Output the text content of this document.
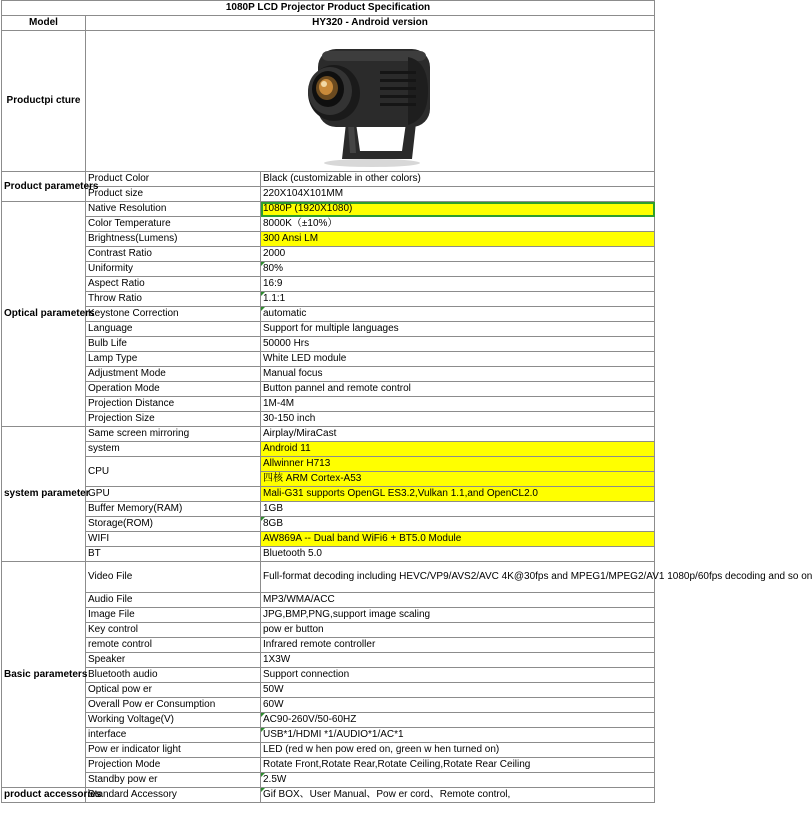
1080P LCD Projector Product Specification		
Model	HY320 - Android version	
Productpi cture	

Product parameters	Product Color	Black (customizable in other colors)
	Product size	220X104X101MM
Optical parameters	Native Resolution	1080P (1920X1080)
	Color Temperature	8000K（±10%）
	Brightness(Lumens)	300 Ansi LM
	Contrast Ratio	2000
	Uniformity	80%
	Aspect Ratio	16:9
	Throw Ratio	1.1:1
	Keystone Correction	automatic
	Language	Support for multiple languages
	Bulb Life	50000 Hrs
	Lamp Type	White LED module
	Adjustment Mode	Manual focus
	Operation Mode	Button pannel and remote control
	Projection Distance	1M-4M
	Projection Size	30-150 inch
system parameter	Same screen mirroring	Airplay/MiraCast
	system	Android 11
	CPU	Allwinner H713
		四核 ARM Cortex-A53
	GPU	Mali-G31 supports OpenGL ES3.2,Vulkan 1.1,and OpenCL2.0
	Buffer Memory(RAM)	1GB
	Storage(ROM)	8GB
	WIFI	AW869A -- Dual band WiFi6 + BT5.0 Module
	BT	Bluetooth 5.0
Basic parameters	Video File	Full-format decoding including HEVC/VP9/AVS2/AVC 4K@30fps and MPEG1/MPEG2/AV1 1080p/60fps decoding and so on
	Audio File	MP3/WMA/ACC
	Image File	JPG,BMP,PNG,support image scaling
	Key control	pow er button
	remote control	Infrared remote controller
	Speaker	1X3W
	Bluetooth audio	Support connection
	Optical pow er	50W
	Overall Pow er Consumption	60W
	Working Voltage(V)	AC90-260V/50-60HZ
	interface	USB*1/HDMI *1/AUDIO*1/AC*1
	Pow er indicator light	LED (red w hen pow ered on, green w hen turned on)
	Projection Mode	Rotate Front,Rotate Rear,Rotate Ceiling,Rotate Rear Ceiling
	Standby pow er	2.5W
product accessories	Standard Accessory	Gif BOX、User Manual、Pow er cord、Remote control,
